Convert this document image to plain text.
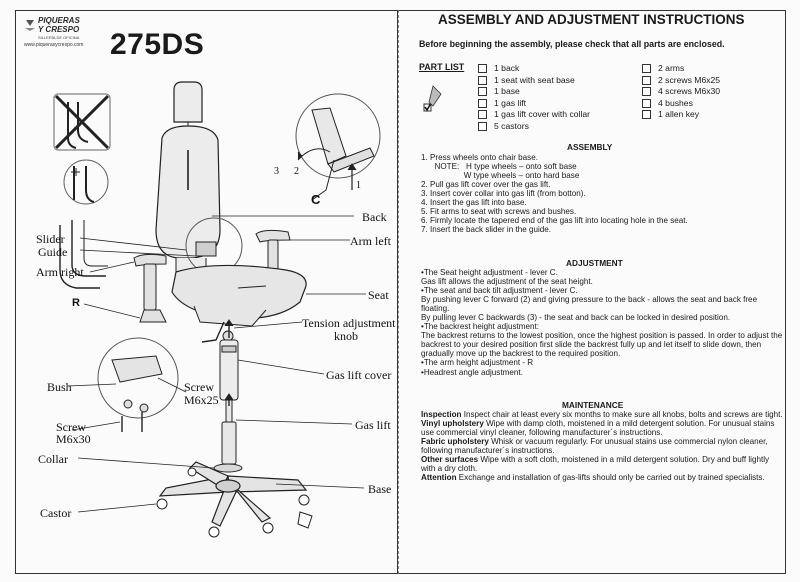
PIQUERAS
Y CRESPO
SILLERÍA DE OFICINA
www.piquerasycrespo.com 275DS
C
3 2
1
Back
Slider
Guide
Arm left
Arm right
R
Seat
Tension adjustment
knob
Gas lift cover
Bush	Screw
M6x25
Screw
M6x30
Gas lift
Collar
Base
Castor
ASSEMBLY AND ADJUSTMENT INSTRUCTIONS
Before beginning the assembly, please check that all parts are enclosed.
PART LIST	1 back
1 seat with seat base
1 base
1 gas lift
1 gas lift cover with collar
5 castors
2 arms
2 screws M6x25
4 screws M6x30
4 bushes
1 allen key
ASSEMBLY
1. Press wheels onto chair base.
NOTE:   H type wheels – onto soft base
W type wheels – onto hard base
2. Pull gas lift cover over the gas lift.
3. Insert cover collar into gas lift (from botton).
4. Insert the gas lift into base.
5. Fit arms to seat with screws and bushes.
6. Firmly locate the tapered end of the gas lift into locating hole in the seat.
7. Insert the back slider in the guide.
ADJUSTMENT
•The Seat height adjustment - lever C.
Gas lift allows the adjustment of the seat height.
•The seat and back tilt adjustment - lever C.
By pushing lever C forward (2) and giving pressure to the back - allows the seat and back free floating.
By pulling lever C backwards (3) - the seat and back can be locked in desired position.
•The backrest height adjustment:
The backrest returns to the lowest position, once the highest position is passed. In order to adjust the backrest to your desired position first slide the backrest fully up and let itself to slide down, then gradually move up the backrest to the required position.
•The arm height adjustment - R
•Headrest angle adjustment.
MAINTENANCE
Inspection Inspect chair at least every six months to make sure all knobs, bolts and screws are tight.
Vinyl upholstery Wipe with damp cloth, moistened in a mild detergent solution. For unusual stains use commercial vinyl cleaner, following manufacturer´s instructions.
Fabric upholstery Whisk or vacuum regularly. For unusual stains use commercial nylon cleaner, following manufacturer´s instructions.
Other surfaces Wipe with a soft cloth, moistened in a mild detergent solution. Dry and buff lightly with a dry cloth.
Attention Exchange and installation of gas-lifts should only be carried out by trained specialists.
